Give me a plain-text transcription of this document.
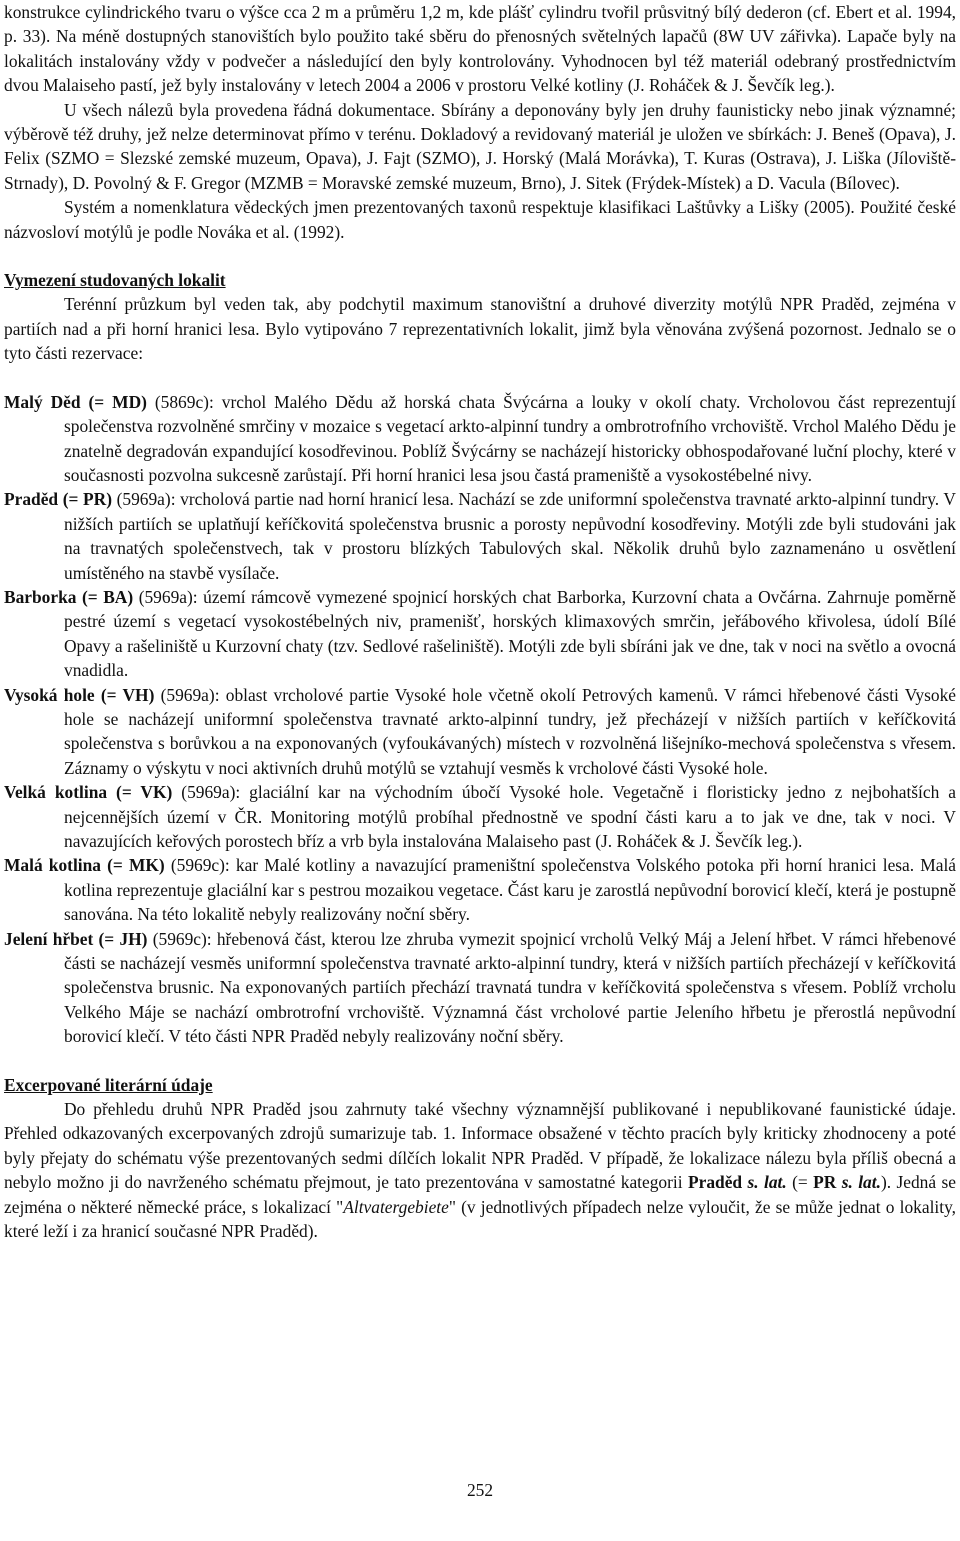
konstrukce cylindrického tvaru o výšce cca 2 m a průměru 1,2 m, kde plášť cylindru tvořil průsvitný bílý dederon (cf. Ebert et al. 1994, p. 33). Na méně dostupných stanovištích bylo použito také sběru do přenosných světelných lapačů (8W UV zářivka). Lapače byly na lokalitách instalovány vždy v podvečer a následující den byly kontrolovány. Vyhodnocen byl též materiál odebraný prostřednictvím dvou Malaiseho pastí, jež byly instalovány v letech 2004 a 2006 v prostoru Velké kotliny (J. Roháček & J. Ševčík leg.).

U všech nálezů byla provedena řádná dokumentace. Sbírány a deponovány byly jen druhy faunisticky nebo jinak významné; výběrově též druhy, jež nelze determinovat přímo v terénu. Dokladový a revidovaný materiál je uložen ve sbírkách: J. Beneš (Opava), J. Felix (SZMO = Slezské zemské muzeum, Opava), J. Fajt (SZMO), J. Horský (Malá Morávka), T. Kuras (Ostrava), J. Liška (Jíloviště-Strnady), D. Povolný & F. Gregor (MZMB = Moravské zemské muzeum, Brno), J. Sitek (Frýdek-Místek) a D. Vacula (Bílovec).

Systém a nomenklatura vědeckých jmen prezentovaných taxonů respektuje klasifikaci Laštůvky a Lišky (2005). Použité české názvosloví motýlů je podle Nováka et al. (1992).

Vymezení studovaných lokalit

Terénní průzkum byl veden tak, aby podchytil maximum stanovištní a druhové diverzity motýlů NPR Praděd, zejména v partiích nad a při horní hranici lesa. Bylo vytipováno 7 reprezentativních lokalit, jimž byla věnována zvýšená pozornost. Jednalo se o tyto části rezervace:

Malý Děd (= MD) (5869c): vrchol Malého Dědu až horská chata Švýcárna a louky v okolí chaty. Vrcholovou část reprezentují společenstva rozvolněné smrčiny v mozaice s vegetací arkto-alpinní tundry a ombrotrofního vrchoviště. Vrchol Malého Dědu je znatelně degradován expandující kosodřevinou. Poblíž Švýcárny se nacházejí historicky obhospodařované luční plochy, které v současnosti pozvolna sukcesně zarůstají. Při horní hranici lesa jsou častá prameniště a vysokostébelné nivy.

Praděd (= PR) (5969a): vrcholová partie nad horní hranicí lesa. Nachází se zde uniformní společenstva travnaté arkto-alpinní tundry. V nižších partiích se uplatňují keříčkovitá společenstva brusnic a porosty nepůvodní kosodřeviny. Motýli zde byli studováni jak na travnatých společenstvech, tak v prostoru blízkých Tabulových skal. Několik druhů bylo zaznamenáno u osvětlení umístěného na stavbě vysílače.

Barborka (= BA) (5969a): území rámcově vymezené spojnicí horských chat Barborka, Kurzovní chata a Ovčárna. Zahrnuje poměrně pestré území s vegetací vysokostébelných niv, pramenišť, horských klimaxových smrčin, jeřábového křivolesa, údolí Bílé Opavy a rašeliniště u Kurzovní chaty (tzv. Sedlové rašeliniště). Motýli zde byli sbíráni jak ve dne, tak v noci na světlo a ovocná vnadidla.

Vysoká hole (= VH) (5969a): oblast vrcholové partie Vysoké hole včetně okolí Petrových kamenů. V rámci hřebenové části Vysoké hole se nacházejí uniformní společenstva travnaté arkto-alpinní tundry, jež přecházejí v nižších partiích v keříčkovitá společenstva s borůvkou a na exponovaných (vyfoukávaných) místech v rozvolněná lišejníko-mechová společenstva s vřesem. Záznamy o výskytu v noci aktivních druhů motýlů se vztahují vesměs k vrcholové části Vysoké hole.

Velká kotlina (= VK) (5969a): glaciální kar na východním úbočí Vysoké hole. Vegetačně i floristicky jedno z nejbohatších a nejcennějších území v ČR. Monitoring motýlů probíhal přednostně ve spodní části karu a to jak ve dne, tak v noci. V navazujících keřových porostech bříz a vrb byla instalována Malaiseho past (J. Roháček & J. Ševčík leg.).

Malá kotlina (= MK) (5969c): kar Malé kotliny a navazující prameništní společenstva Volského potoka při horní hranici lesa. Malá kotlina reprezentuje glaciální kar s pestrou mozaikou vegetace. Část karu je zarostlá nepůvodní borovicí klečí, která je postupně sanována. Na této lokalitě nebyly realizovány noční sběry.

Jelení hřbet (= JH) (5969c): hřebenová část, kterou lze zhruba vymezit spojnicí vrcholů Velký Máj a Jelení hřbet. V rámci hřebenové části se nacházejí vesměs uniformní společenstva travnaté arkto-alpinní tundry, která v nižších partiích přecházejí v keříčkovitá společenstva brusnic. Na exponovaných partiích přechází travnatá tundra v keříčkovitá společenstva s vřesem. Poblíž vrcholu Velkého Máje se nachází ombrotrofní vrchoviště. Významná část vrcholové partie Jeleního hřbetu je přerostlá nepůvodní borovicí klečí. V této části NPR Praděd nebyly realizovány noční sběry.

Excerpované literární údaje

Do přehledu druhů NPR Praděd jsou zahrnuty také všechny významnější publikované i nepublikované faunistické údaje. Přehled odkazovaných excerpovaných zdrojů sumarizuje tab. 1. Informace obsažené v těchto pracích byly kriticky zhodnoceny a poté byly přejaty do schématu výše prezentovaných sedmi dílčích lokalit NPR Praděd. V případě, že lokalizace nálezu byla příliš obecná a nebylo možno ji do navrženého schématu přejmout, je tato prezentována v samostatné kategorii Praděd s. lat. (= PR s. lat.). Jedná se zejména o některé německé práce, s lokalizací "Altvatergebiete" (v jednotlivých případech nelze vyloučit, že se může jednat o lokality, které leží i za hranicí současné NPR Praděd).

252
